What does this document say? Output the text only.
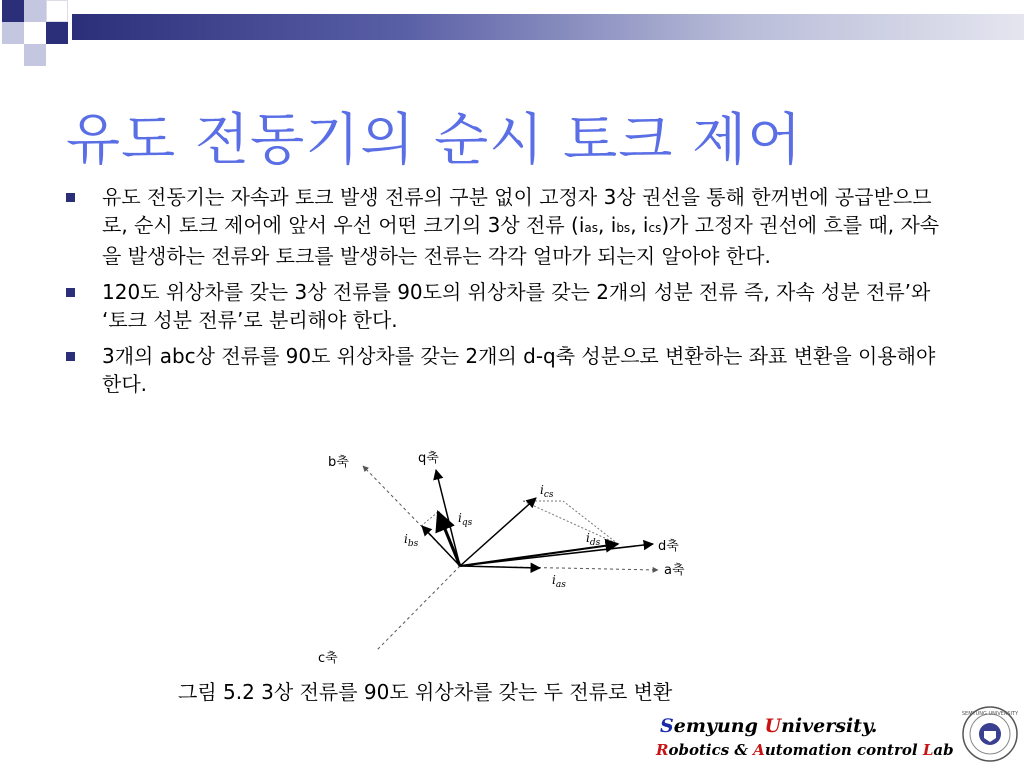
유도 전동기의 순시 토크 제어
유도 전동기는 자속과 토크 발생 전류의 구분 없이 고정자 3상 권선을 통해 한꺼번에 공급받으므로, 순시 토크 제어에 앞서 우선 어떤 크기의 3상 전류 (ias, ibs, ics)가 고정자 권선에 흐를 때, 자속을 발생하는 전류와 토크를 발생하는 전류는 각각 얼마가 되는지 알아야 한다.
120도 위상차를 갖는 3상 전류를 90도의 위상차를 갖는 2개의 성분 전류 즉, 자속 성분 전류’와 ‘토크 성분 전류’로 분리해야 한다.
3개의 abc상 전류를 90도 위상차를 갖는 2개의 d-q축 성분으로 변환하는 좌표 변환을 이용해야 한다.
b축	q축
d축
a축
c축
$i_{cs}$
$i_{qs}$
$i_{bs}$	$i_{ds}$
$i_{as}$
그림 5.2 3상 전류를 90도 위상차를 갖는 두 전류로 변환
Semyung University.
Robotics & Automation control Lab
SEMYUNG UNIVERSITY
